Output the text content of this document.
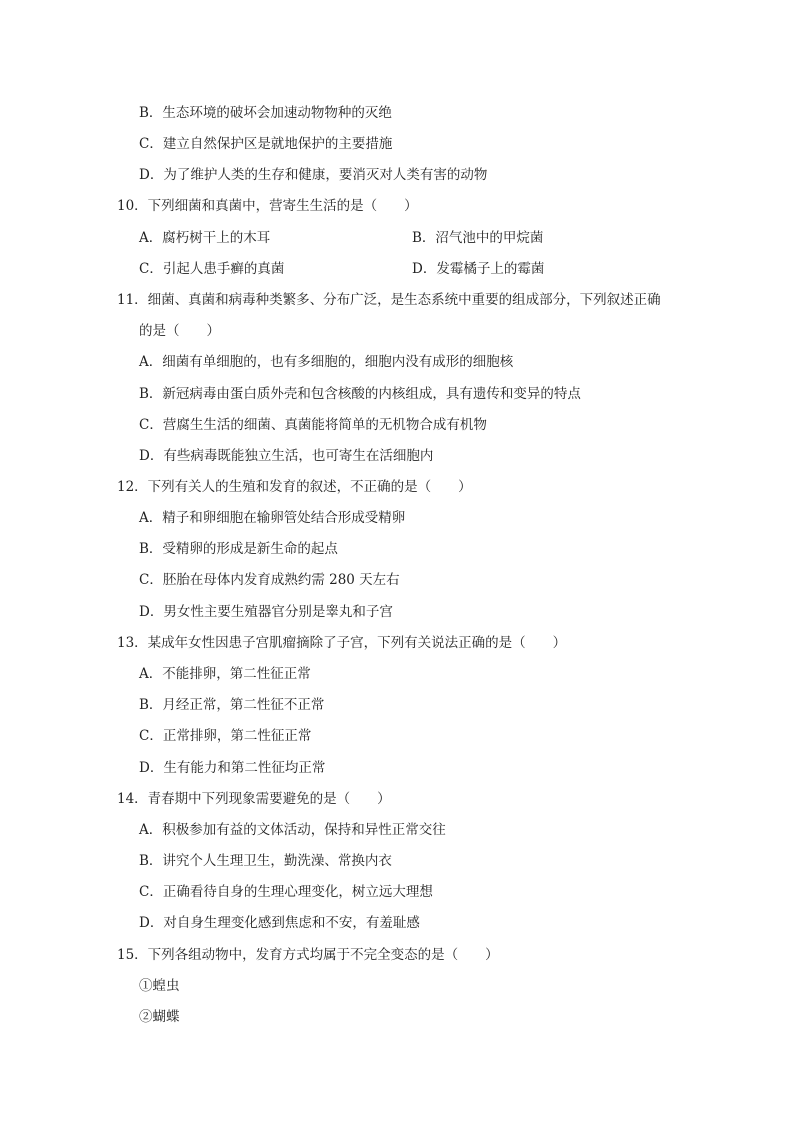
B．生态环境的破坏会加速动物物种的灭绝
C．建立自然保护区是就地保护的主要措施
D．为了维护人类的生存和健康，要消灭对人类有害的动物
10．下列细菌和真菌中，营寄生生活的是（　　）
A．腐朽树干上的木耳	B．沼气池中的甲烷菌
C．引起人患手癣的真菌	D．发霉橘子上的霉菌
11．细菌、真菌和病毒种类繁多、分布广泛，是生态系统中重要的组成部分，下列叙述正确
的是（　　）
A．细菌有单细胞的，也有多细胞的，细胞内没有成形的细胞核
B．新冠病毒由蛋白质外壳和包含核酸的内核组成，具有遗传和变异的特点
C．营腐生生活的细菌、真菌能将简单的无机物合成有机物
D．有些病毒既能独立生活，也可寄生在活细胞内
12．下列有关人的生殖和发育的叙述，不正确的是（　　）
A．精子和卵细胞在输卵管处结合形成受精卵
B．受精卵的形成是新生命的起点
C．胚胎在母体内发育成熟约需 280 天左右
D．男女性主要生殖器官分别是睾丸和子宫
13．某成年女性因患子宫肌瘤摘除了子宫，下列有关说法正确的是（　　）
A．不能排卵，第二性征正常
B．月经正常，第二性征不正常
C．正常排卵，第二性征正常
D．生有能力和第二性征均正常
14．青春期中下列现象需要避免的是（　　）
A．积极参加有益的文体活动，保持和异性正常交往
B．讲究个人生理卫生，勤洗澡、常换内衣
C．正确看待自身的生理心理变化，树立远大理想
D．对自身生理变化感到焦虑和不安，有羞耻感
15．下列各组动物中，发育方式均属于不完全变态的是（　　）
①蝗虫
②蝴蝶
